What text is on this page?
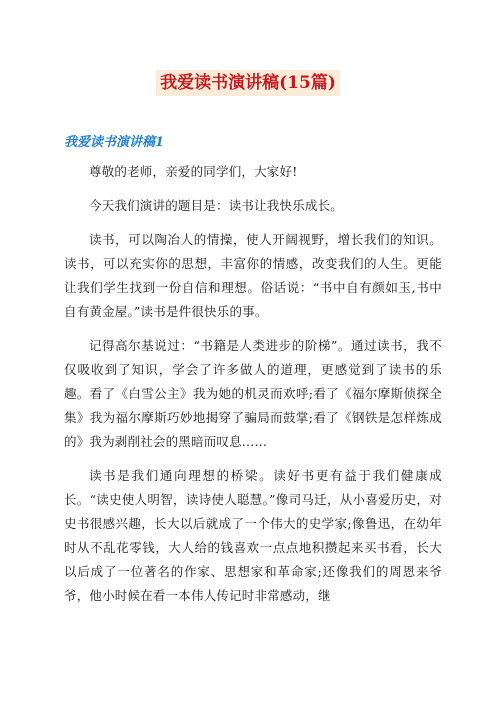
我爱读书演讲稿(15篇)
我爱读书演讲稿1

尊敬的老师，亲爱的同学们，大家好!

今天我们演讲的题目是：读书让我快乐成长。

读书，可以陶冶人的情操，使人开阔视野，增长我们的知识。读书，可以充实你的思想，丰富你的情感，改变我们的人生。更能让我们学生找到一份自信和理想。俗话说：“书中自有颜如玉,书中自有黄金屋。”读书是件很快乐的事。

记得高尔基说过：“书籍是人类进步的阶梯”。通过读书，我不仅吸收到了知识，学会了许多做人的道理，更感觉到了读书的乐趣。看了《白雪公主》我为她的机灵而欢呼;看了《福尔摩斯侦探全集》我为福尔摩斯巧妙地揭穿了骗局而鼓掌;看了《钢铁是怎样炼成的》我为剥削社会的黑暗而叹息……

读书是我们通向理想的桥梁。读好书更有益于我们健康成长。“读史使人明智，读诗使人聪慧。”像司马迁，从小喜爱历史，对史书很感兴趣，长大以后就成了一个伟大的史学家;像鲁迅，在幼年时从不乱花零钱，大人给的钱喜欢一点点地积攒起来买书看，长大以后成了一位著名的作家、思想家和革命家;还像我们的周恩来爷爷，他小时候在看一本伟人传记时非常感动，继
